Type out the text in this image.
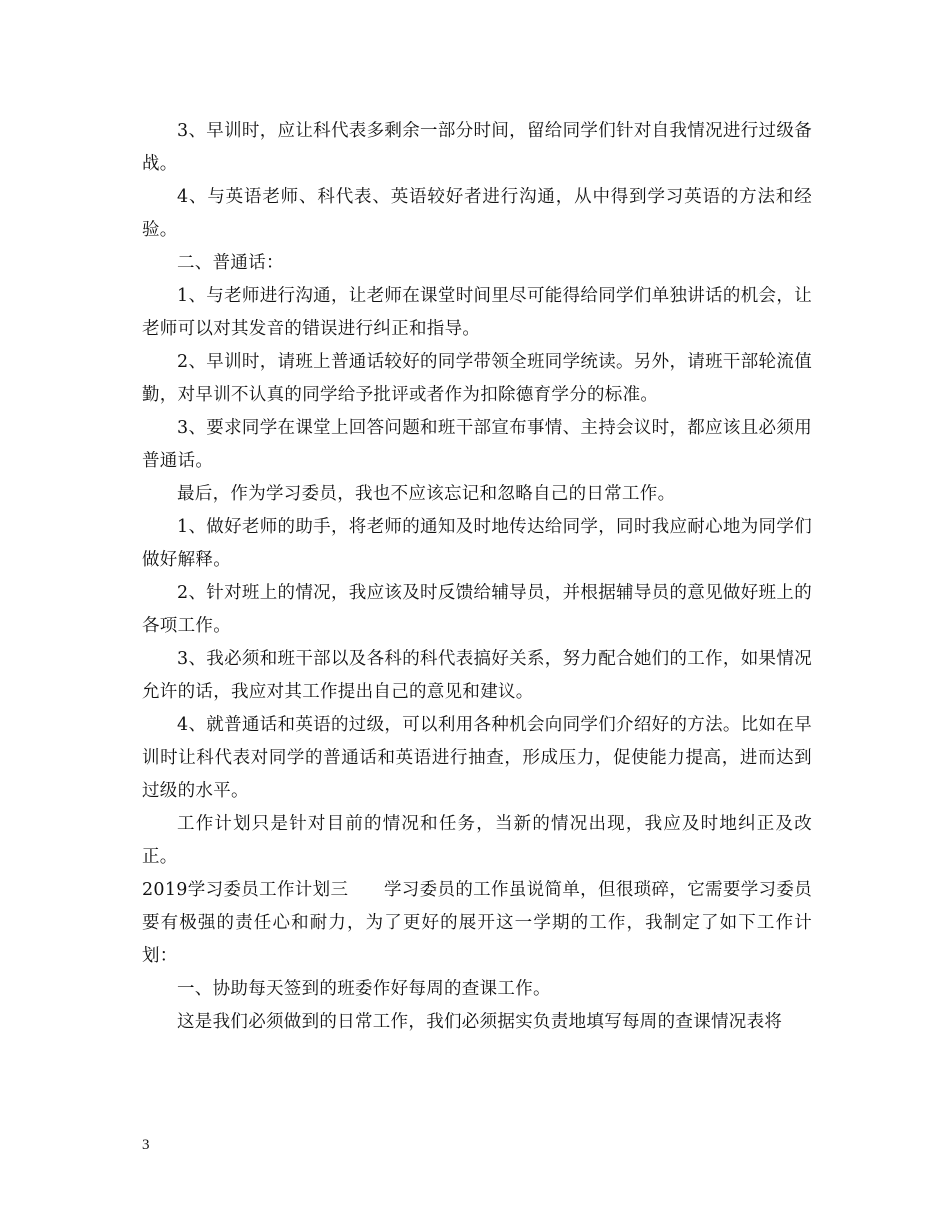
3、早训时，应让科代表多剩余一部分时间，留给同学们针对自我情况进行过级备战。

4、与英语老师、科代表、英语较好者进行沟通，从中得到学习英语的方法和经验。

二、普通话：

1、与老师进行沟通，让老师在课堂时间里尽可能得给同学们单独讲话的机会，让老师可以对其发音的错误进行纠正和指导。

2、早训时，请班上普通话较好的同学带领全班同学统读。另外，请班干部轮流值勤，对早训不认真的同学给予批评或者作为扣除德育学分的标准。

3、要求同学在课堂上回答问题和班干部宣布事情、主持会议时，都应该且必须用普通话。

最后，作为学习委员，我也不应该忘记和忽略自己的日常工作。

1、做好老师的助手，将老师的通知及时地传达给同学，同时我应耐心地为同学们做好解释。

2、针对班上的情况，我应该及时反馈给辅导员，并根据辅导员的意见做好班上的各项工作。

3、我必须和班干部以及各科的科代表搞好关系，努力配合她们的工作，如果情况允许的话，我应对其工作提出自己的意见和建议。

4、就普通话和英语的过级，可以利用各种机会向同学们介绍好的方法。比如在早训时让科代表对同学的普通话和英语进行抽查，形成压力，促使能力提高，进而达到过级的水平。

工作计划只是针对目前的情况和任务，当新的情况出现，我应及时地纠正及改正。

2019学习委员工作计划三　　学习委员的工作虽说简单，但很琐碎，它需要学习委员要有极强的责任心和耐力，为了更好的展开这一学期的工作，我制定了如下工作计划：

一、协助每天签到的班委作好每周的查课工作。

这是我们必须做到的日常工作，我们必须据实负责地填写每周的查课情况表将

3
